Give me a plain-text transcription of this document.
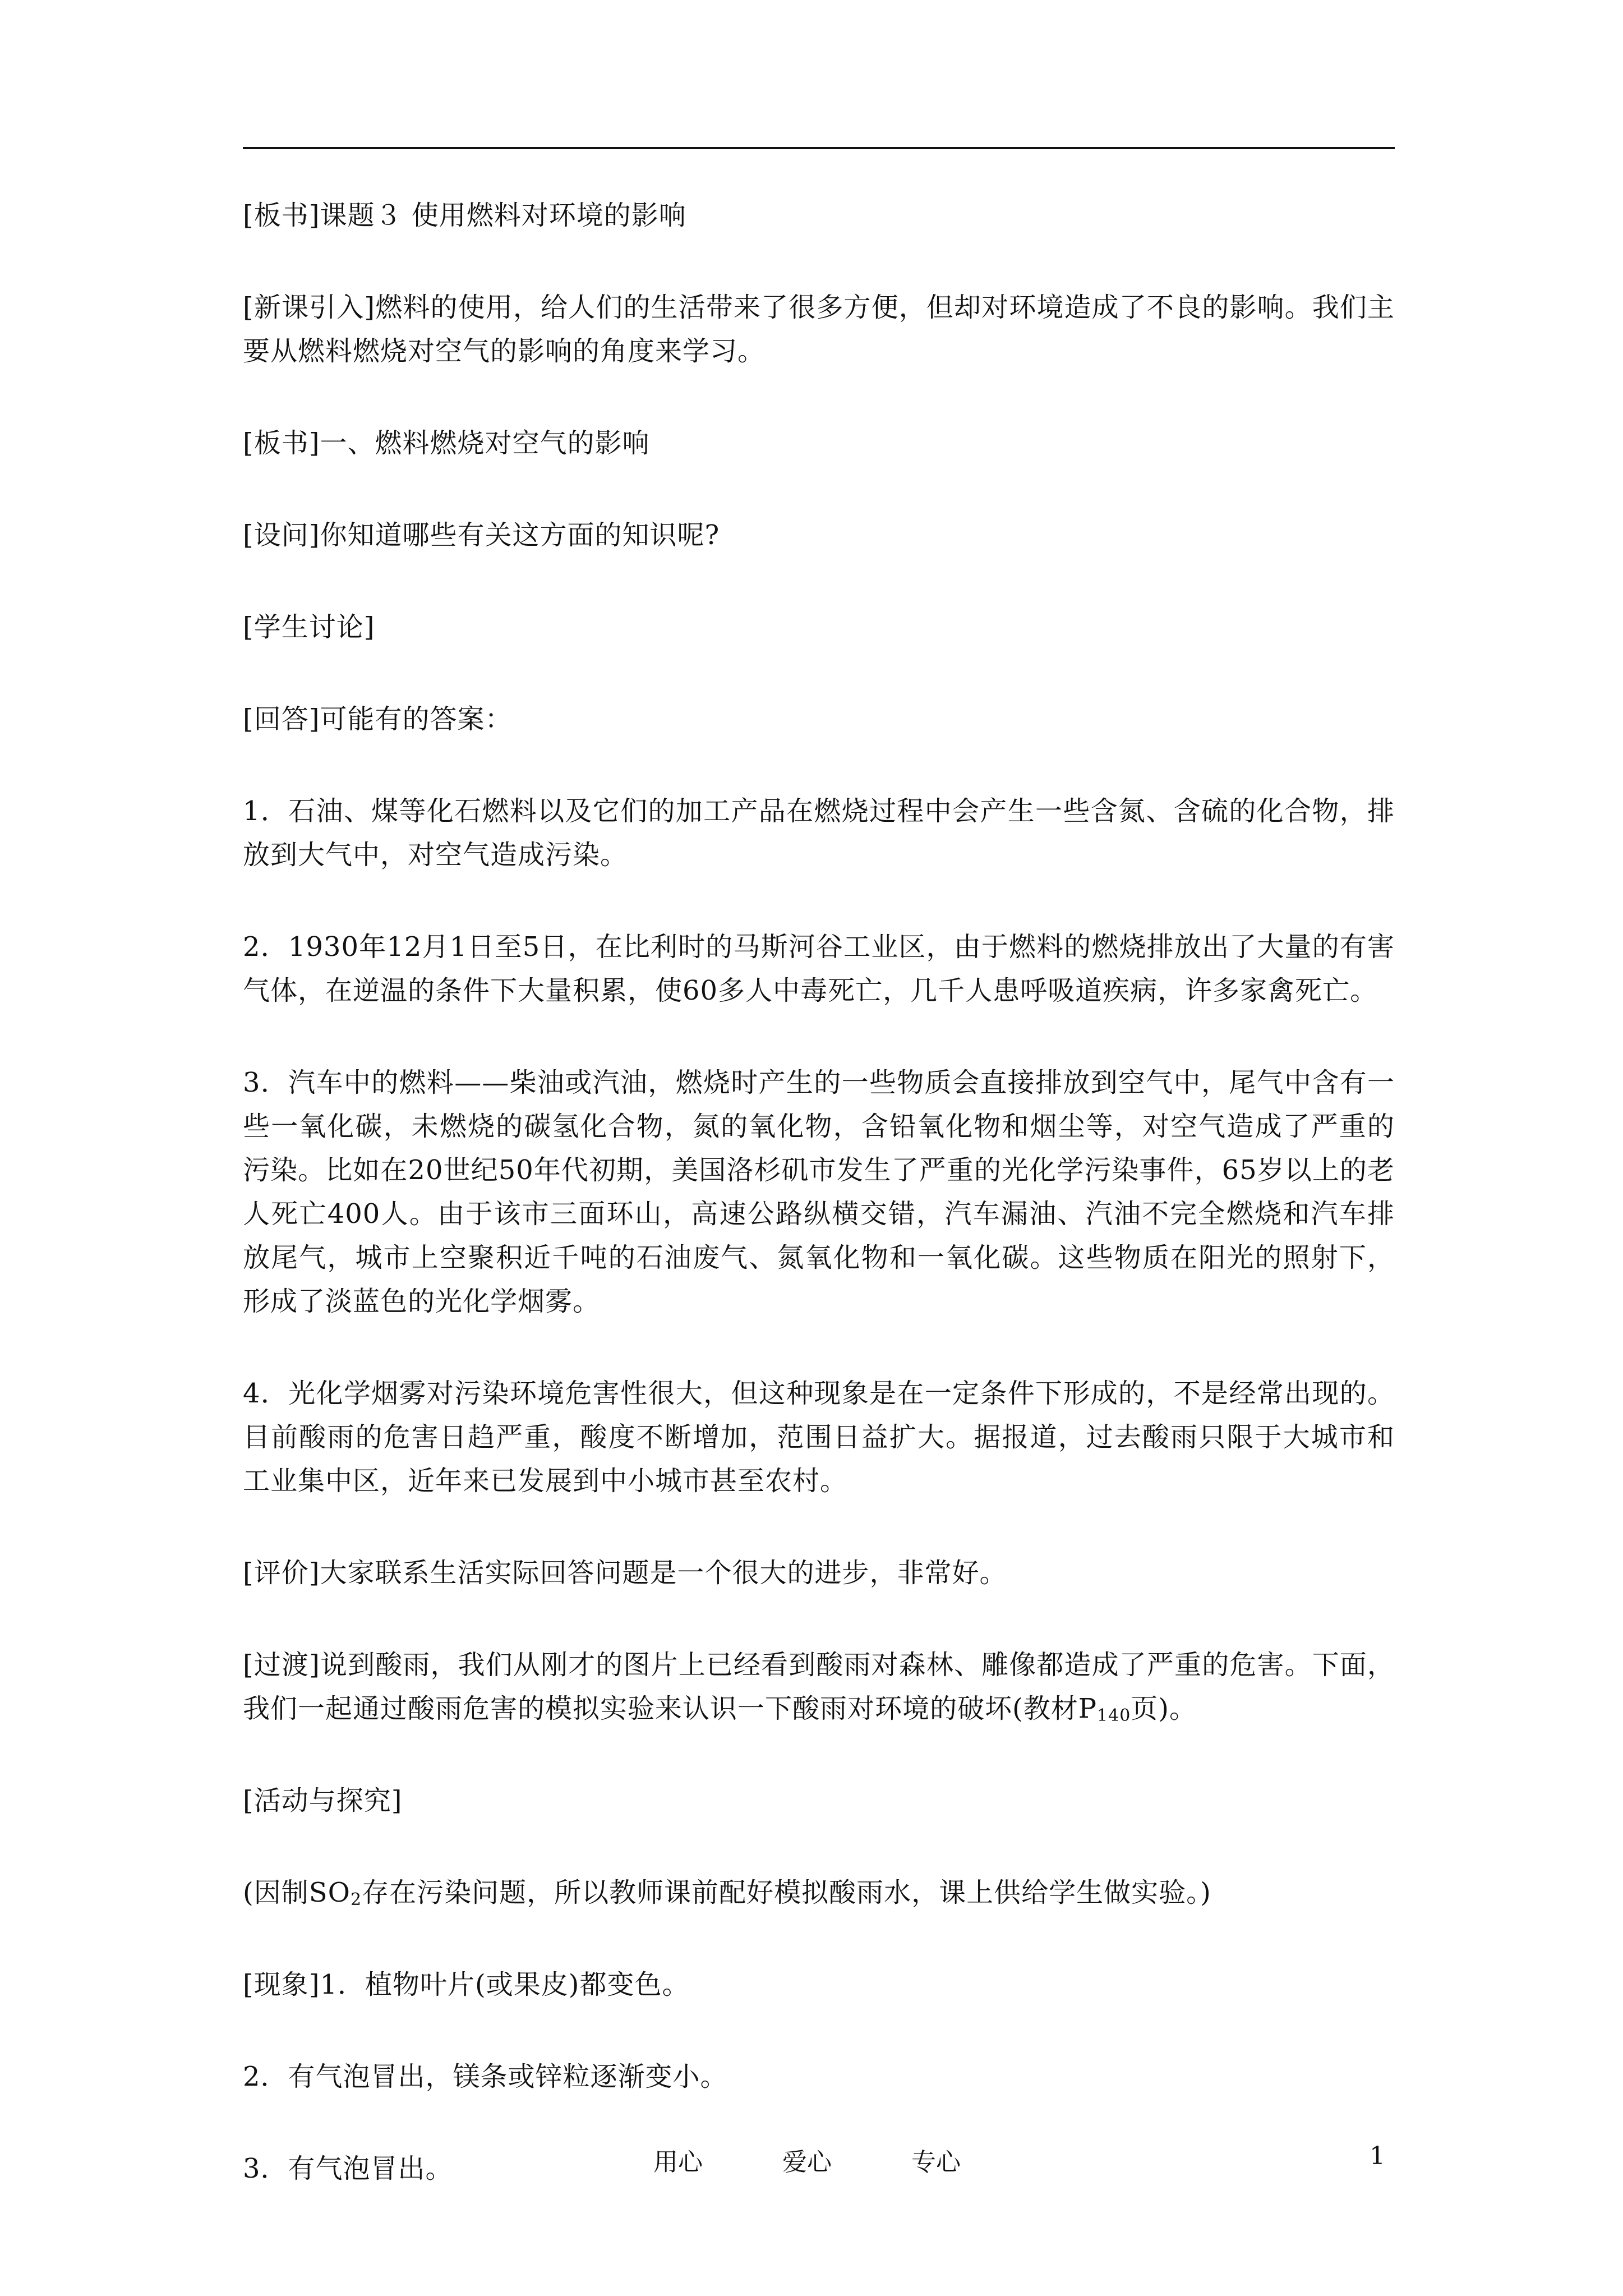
[板书]课题３ 使用燃料对环境的影响

[新课引入]燃料的使用，给人们的生活带来了很多方便，但却对环境造成了不良的影响。我们主要从燃料燃烧对空气的影响的角度来学习。

[板书]一、燃料燃烧对空气的影响

[设问]你知道哪些有关这方面的知识呢?

[学生讨论]

[回答]可能有的答案：

1．石油、煤等化石燃料以及它们的加工产品在燃烧过程中会产生一些含氮、含硫的化合物，排放到大气中，对空气造成污染。

2．1930年12月1日至5日，在比利时的马斯河谷工业区，由于燃料的燃烧排放出了大量的有害气体，在逆温的条件下大量积累，使60多人中毒死亡，几千人患呼吸道疾病，许多家禽死亡。

3．汽车中的燃料——柴油或汽油，燃烧时产生的一些物质会直接排放到空气中，尾气中含有一些一氧化碳，未燃烧的碳氢化合物，氮的氧化物，含铅氧化物和烟尘等，对空气造成了严重的污染。比如在20世纪50年代初期，美国洛杉矶市发生了严重的光化学污染事件，65岁以上的老人死亡400人。由于该市三面环山，高速公路纵横交错，汽车漏油、汽油不完全燃烧和汽车排放尾气，城市上空聚积近千吨的石油废气、氮氧化物和一氧化碳。这些物质在阳光的照射下，形成了淡蓝色的光化学烟雾。

4．光化学烟雾对污染环境危害性很大，但这种现象是在一定条件下形成的，不是经常出现的。目前酸雨的危害日趋严重，酸度不断增加，范围日益扩大。据报道，过去酸雨只限于大城市和工业集中区，近年来已发展到中小城市甚至农村。

[评价]大家联系生活实际回答问题是一个很大的进步，非常好。

[过渡]说到酸雨，我们从刚才的图片上已经看到酸雨对森林、雕像都造成了严重的危害。下面，我们一起通过酸雨危害的模拟实验来认识一下酸雨对环境的破坏(教材$P_{140}$页)。

[活动与探究]

(因制$SO_2$存在污染问题，所以教师课前配好模拟酸雨水，课上供给学生做实验。)

[现象]1．植物叶片(或果皮)都变色。

2．有气泡冒出，镁条或锌粒逐渐变小。

3．有气泡冒出。	用心	爱心	专心	1
